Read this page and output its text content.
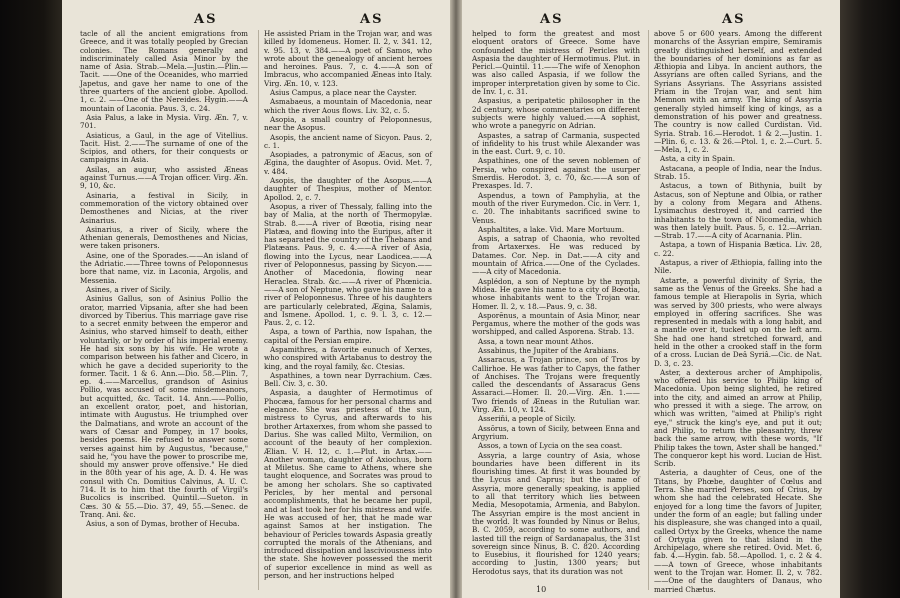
AS	AS

tacle of all the ancient emigrations from Greece, and it was totally peopled by Grecian colonies. The Romans generally and indiscriminately called Asia Minor by the name of Asia. Strab.—Mela.—Justin.—Plin.—Tacit. ——One of the Oceanides, who married Japetus, and gave her name to one of the three quarters of the ancient globe. Apollod. 1, c. 2. ——One of the Nereides. Hygin.——A mountain of Laconia. Paus. 3, c. 24.

Asia Palus, a lake in Mysia. Virg. Æn. 7, v. 701.

Asiaticus, a Gaul, in the age of Vitellius. Tacit. Hist. 2.——The surname of one of the Scipios, and others, for their conquests or campaigns in Asia.

Asilas, an augur, who assisted Æneas against Turnus.——A Trojan officer. Virg. Æn. 9, 10, &c.

Asinaria, a festival in Sicily, in commemoration of the victory obtained over Demosthenes and Nicias, at the river Asinarius.

Asinarius, a river of Sicily, where the Athenian generals, Demosthenes and Nicias, were taken prisoners.

Asine, one of the Sporades.——An island of the Adriatic.——Three towns of Peloponnesus bore that name, viz. in Laconia, Argolis, and Messenia.

Asines, a river of Sicily.

Asinius Gallus, son of Asinius Pollio the orator, married Vipsania, after she had been divorced by Tiberius. This marriage gave rise to a secret enmity between the emperor and Asinius, who starved himself to death, either voluntarily, or by order of his imperial enemy. He had six sons by his wife. He wrote a comparison between his father and Cicero, in which he gave a decided superiority to the former. Tacit. 1 & 6. Ann.—Dio. 58.—Plin. 7, ep. 4.——Marcellus, grandson of Asinius Pollio, was accused of some misdemeanors, but acquitted, &c. Tacit. 14. Ann.——Pollio, an excellent orator, poet, and historian, intimate with Augustus. He triumphed over the Dalmatians, and wrote an account of the wars of Cæsar and Pompey, in 17 books, besides poems. He refused to answer some verses against him by Augustus, "because," said he, "you have the power to proscribe me, should my answer prove offensive." He died in the 80th year of his age, A. D. 4. He was consul with Cn. Domitius Calvinus, A. U. C. 714. It is to him that the fourth of Virgil's Bucolics is inscribed. Quintil.—Sueton. in Cæs. 30 & 55.—Dio. 37, 49, 55.—Senec. de Tranq. Ani. &c.

Asius, a son of Dymas, brother of Hecuba.

He assisted Priam in the Trojan war, and was killed by Idomeneus. Homer. Il. 2, v. 341. 12, v. 95. 13, v. 384.——A poet of Samos, who wrote about the genealogy of ancient heroes and heroines. Paus. 7, c. 4.——A son of Imbracus, who accompanied Æneas into Italy. Virg. Æn. 10, v. 123.

Asius Campus, a place near the Cayster.

Asmabaeus, a mountain of Macedonia, near which the river Aous flows. Liv. 32, c. 5.

Asopia, a small country of Peloponnesus, near the Asopus.

Asopis, the ancient name of Sicyon. Paus. 2, c. 1.

Asopiades, a patronymic of Æacus, son of Ægina, the daughter of Asopus. Ovid. Met. 7, v. 484.

Asopis, the daughter of the Asopus.——A daughter of Thespius, mother of Mentor. Apollod. 2, c. 7.

Asopus, a river of Thessaly, falling into the bay of Malia, at the north of Thermopylæ. Strab. 8.——A river of Bœotia, rising near Platæa, and flowing into the Euripus, after it has separated the country of the Thebans and Platæans. Paus. 9, c. 4.——A river of Asia, flowing into the Lycus, near Laodicea.——A river of Peloponnesus, passing by Sicyon.——Another of Macedonia, flowing near Heraclea. Strab. &c.——A river of Phœnicia.——A son of Neptune, who gave his name to a river of Peloponnesus. Three of his daughters are particularly celebrated, Ægina, Salamis, and Ismene. Apollod. 1, c. 9. l. 3, c. 12.—Paus. 2, c. 12.

Aspa, a town of Parthia, now Ispahan, the capital of the Persian empire.

Aspamithres, a favorite eunuch of Xerxes, who conspired with Artabanus to destroy the king, and the royal family, &c. Ctesias.

Aspathines, a town near Dyrrachium. Cæs. Bell. Civ. 3, c. 30.

Aspasia, a daughter of Hermotimus of Phocæa, famous for her personal charms and elegance. She was priestess of the sun, mistress to Cyrus, and afterwards to his brother Artaxerxes, from whom she passed to Darius. She was called Milto, Vermilion, on account of the beauty of her complexion. Ælian. V. H. 12, c. 1.—Plut. in Artax.——Another woman, daughter of Axiochus, born at Miletus. She came to Athens, where she taught eloquence, and Socrates was proud to be among her scholars. She so captivated Pericles, by her mental and personal accomplishments, that he became her pupil, and at last took her for his mistress and wife. He was accused of her, that he made war against Samos at her instigation. The behaviour of Pericles towards Aspasia greatly corrupted the morals of the Athenians, and introduced dissipation and lasciviousness into the state. She however possessed the merit of superior excellence in mind as well as person, and her instructions helped

AS	AS

helped to form the greatest and most eloquent orators of Greece. Some have confounded the mistress of Pericles with Aspasia the daughter of Hermotimus. Plut. in Pericl.—Quintil. 11.——The wife of Xenophon was also called Aspasia, if we follow the improper interpretation given by some to Cic. de Inv. 1, c. 31.

Aspasius, a peripatetic philosopher in the 2d century, whose commentaries on different subjects were highly valued.——A sophist, who wrote a panegyric on Adrian.

Aspastes, a satrap of Carmania, suspected of infidelity to his trust while Alexander was in the east. Curt. 9, c. 10.

Aspathines, one of the seven noblemen of Persia, who conspired against the usurper Smerdis. Herodot. 3, c. 70, &c.——A son of Prexaspes. Id. 7.

Aspendus, a town of Pamphylia, at the mouth of the river Eurymedon. Cic. in Verr. 1, c. 20. The inhabitants sacrificed swine to Venus.

Asphaltites, a lake. Vid. Mare Mortuum.

Aspis, a satrap of Chaonia, who revolted from Artaxerxes. He was reduced by Datames. Cor. Nep. in Dat.——A city and mountain of Africa.——One of the Cyclades.——A city of Macedonia.

Asplédon, a son of Neptune by the nymph Midea. He gave his name to a city of Bœotia, whose inhabitants went to the Trojan war. Homer. Il. 2, v. 18.—Paus. 9, c. 38.

Asporēnus, a mountain of Asia Minor, near Pergamus, where the mother of the gods was worshipped, and called Asporena. Strab. 13.

Assa, a town near mount Athos.

Assabinus, the Jupiter of the Arabians.

Assaracus, a Trojan prince, son of Tros by Callirhoe. He was father to Capys, the father of Anchises. The Trojans were frequently called the descendants of Assaracus Gens Assaraci.—Homer. Il. 20.—Virg. Æn. 1.——Two friends of Æneas in the Rutulian war. Virg. Æn. 10, v. 124.

Asseriňi, a people of Sicily.

Assōrus, a town of Sicily, between Enna and Argyrium.

Assos, a town of Lycia on the sea coast.

Assyria, a large country of Asia, whose boundaries have been different in its flourishing times. At first it was bounded by the Lycus and Caprus; but the name of Assyria, more generally speaking, is applied to all that territory which lies between Media, Mesopotamia, Armenia, and Babylon. The Assyrian empire is the most ancient in the world. It was founded by Ninus or Belus, B. C. 2059, according to some authors, and lasted till the reign of Sardanapalus, the 31st sovereign since Ninus, B. C. 820. According to Eusebius, it flourished for 1240 years; according to Justin, 1300 years; but Herodotus says, that its duration was not

above 5 or 600 years. Among the different monarchs of the Assyrian empire, Semiramis greatly distinguished herself, and extended the boundaries of her dominions as far as Æthiopia and Libya. In ancient authors, the Assyrians are often called Syrians, and the Syrians Assyrians. The Assyrians assisted Priam in the Trojan war, and sent him Memnon with an army. The king of Assyria generally styled himself king of kings, as a demonstration of his power and greatness. The country is now called Curdistan. Vid. Syria. Strab. 16.—Herodot. 1 & 2.—Justin. 1.—Plin. 6, c. 13. & 26.—Ptol. 1, c. 2.—Curt. 5.—Mela, 1, c. 2.

Asta, a city in Spain.

Astacana, a people of India, near the Indus. Strab. 15.

Astacus, a town of Bithynia, built by Astacus, son of Neptune and Olbia, or rather by a colony from Megara and Athens. Lysimachus destroyed it, and carried the inhabitants to the town of Nicomedia, which was then lately built. Paus. 5, c. 12.—Arrian.—Strab. 17.——A city of Acarnania. Plin.

Astapa, a town of Hispania Bætica. Liv. 28, c. 22.

Astapus, a river of Æthiopia, falling into the Nile.

Astarte, a powerful divinity of Syria, the same as the Venus of the Greeks. She had a famous temple at Hierapolis in Syria, which was served by 300 priests, who were always employed in offering sacrifices. She was represented in medals with a long habit, and a mantle over it, tucked up on the left arm. She had one hand stretched forward, and held in the other a crooked staff in the form of a cross. Lucian de Deâ Syriâ.—Cic. de Nat. D. 3, c. 23.

Aster, a dexterous archer of Amphipolis, who offered his service to Philip king of Macedonia. Upon being slighted, he retired into the city, and aimed an arrow at Philip, who pressed it with a siege. The arrow, on which was written, "aimed at Philip's right eye," struck the king's eye, and put it out; and Philip, to return the pleasantry, threw back the same arrow, with these words, "If Philip takes the town, Aster shall be hanged." The conqueror kept his word. Lucian de Hist. Scrib.

Asteria, a daughter of Ceus, one of the Titans, by Phœbe, daughter of Cœlus and Terra. She married Perses, son of Crius, by whom she had the celebrated Hecate. She enjoyed for a long time the favors of Jupiter, under the form of an eagle; but falling under his displeasure, she was changed into a quail, called Ortyx by the Greeks, whence the name of Ortygia given to that island in the Archipelago, where she retired. Ovid. Met. 6, fab. 4.—Hygin. fab. 58.—Apollod. 1, c. 2 & 4.——A town of Greece, whose inhabitants went to the Trojan war. Homer. Il. 2, v. 782.——One of the daughters of Danaus, who married Chætus.

10
